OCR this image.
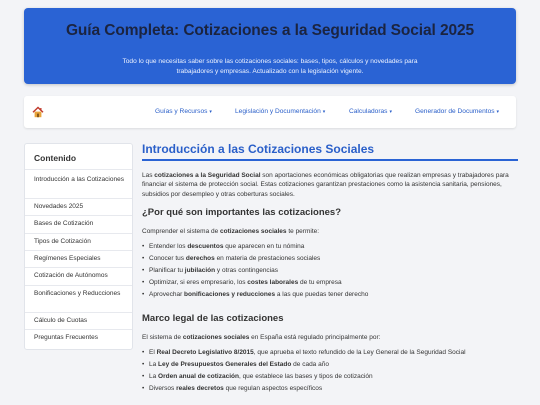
Guía Completa: Cotizaciones a la Seguridad Social 2025

Todo lo que necesitas saber sobre las cotizaciones sociales: bases, tipos, cálculos y novedades para trabajadores y empresas. Actualizado con la legislación vigente.

Guías y Recursos ▾	Legislación y Documentación ▾	Calculadoras ▾	Generador de Documentos ▾
Contenido
Introducción a las Cotizaciones
Novedades 2025
Bases de Cotización
Tipos de Cotización
Regímenes Especiales
Cotización de Autónomos
Bonificaciones y Reducciones
Cálculo de Cuotas
Preguntas Frecuentes
Introducción a las Cotizaciones Sociales
Las cotizaciones a la Seguridad Social son aportaciones económicas obligatorias que realizan empresas y trabajadores para financiar el sistema de protección social. Estas cotizaciones garantizan prestaciones como la asistencia sanitaria, pensiones, subsidios por desempleo y otras coberturas sociales.
¿Por qué son importantes las cotizaciones?
Comprender el sistema de cotizaciones sociales te permite:
• Entender los descuentos que aparecen en tu nómina
• Conocer tus derechos en materia de prestaciones sociales
• Planificar tu jubilación y otras contingencias
• Optimizar, si eres empresario, los costes laborales de tu empresa
• Aprovechar bonificaciones y reducciones a las que puedas tener derecho
Marco legal de las cotizaciones
El sistema de cotizaciones sociales en España está regulado principalmente por:
• El Real Decreto Legislativo 8/2015, que aprueba el texto refundido de la Ley General de la Seguridad Social
• La Ley de Presupuestos Generales del Estado de cada año
• La Orden anual de cotización, que establece las bases y tipos de cotización
• Diversos reales decretos que regulan aspectos específicos
